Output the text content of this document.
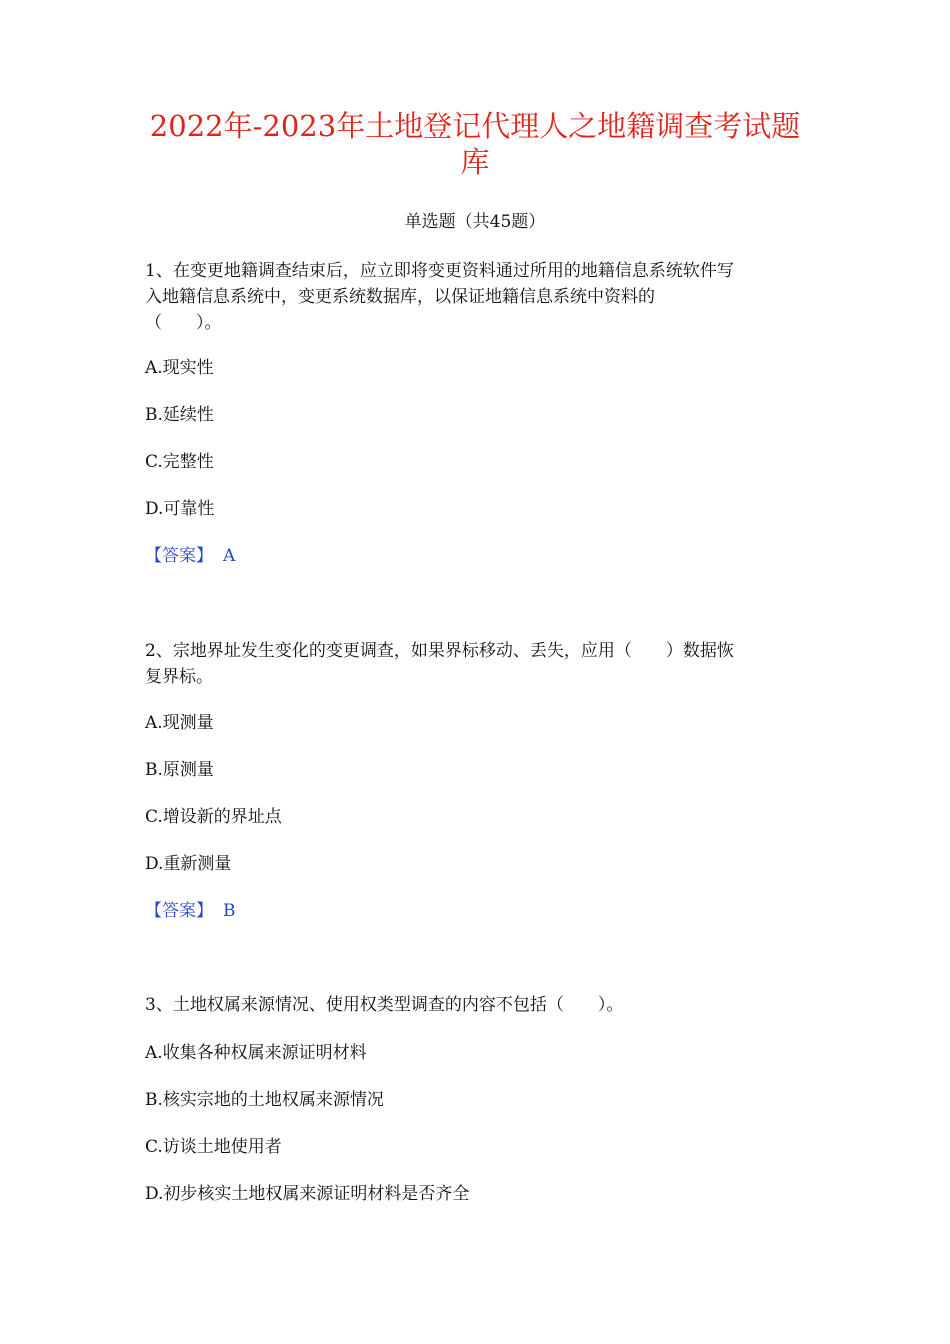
2022年-2023年土地登记代理人之地籍调查考试题
库
单选题（共45题）
1、在变更地籍调查结束后，应立即将变更资料通过所用的地籍信息系统软件写
入地籍信息系统中，变更系统数据库，以保证地籍信息系统中资料的
（　　）。
A.现实性
B.延续性
C.完整性
D.可靠性
【答案】 A
2、宗地界址发生变化的变更调查，如果界标移动、丢失，应用（　　）数据恢
复界标。
A.现测量
B.原测量
C.增设新的界址点
D.重新测量
【答案】 B
3、土地权属来源情况、使用权类型调查的内容不包括（　　）。
A.收集各种权属来源证明材料
B.核实宗地的土地权属来源情况
C.访谈土地使用者
D.初步核实土地权属来源证明材料是否齐全
